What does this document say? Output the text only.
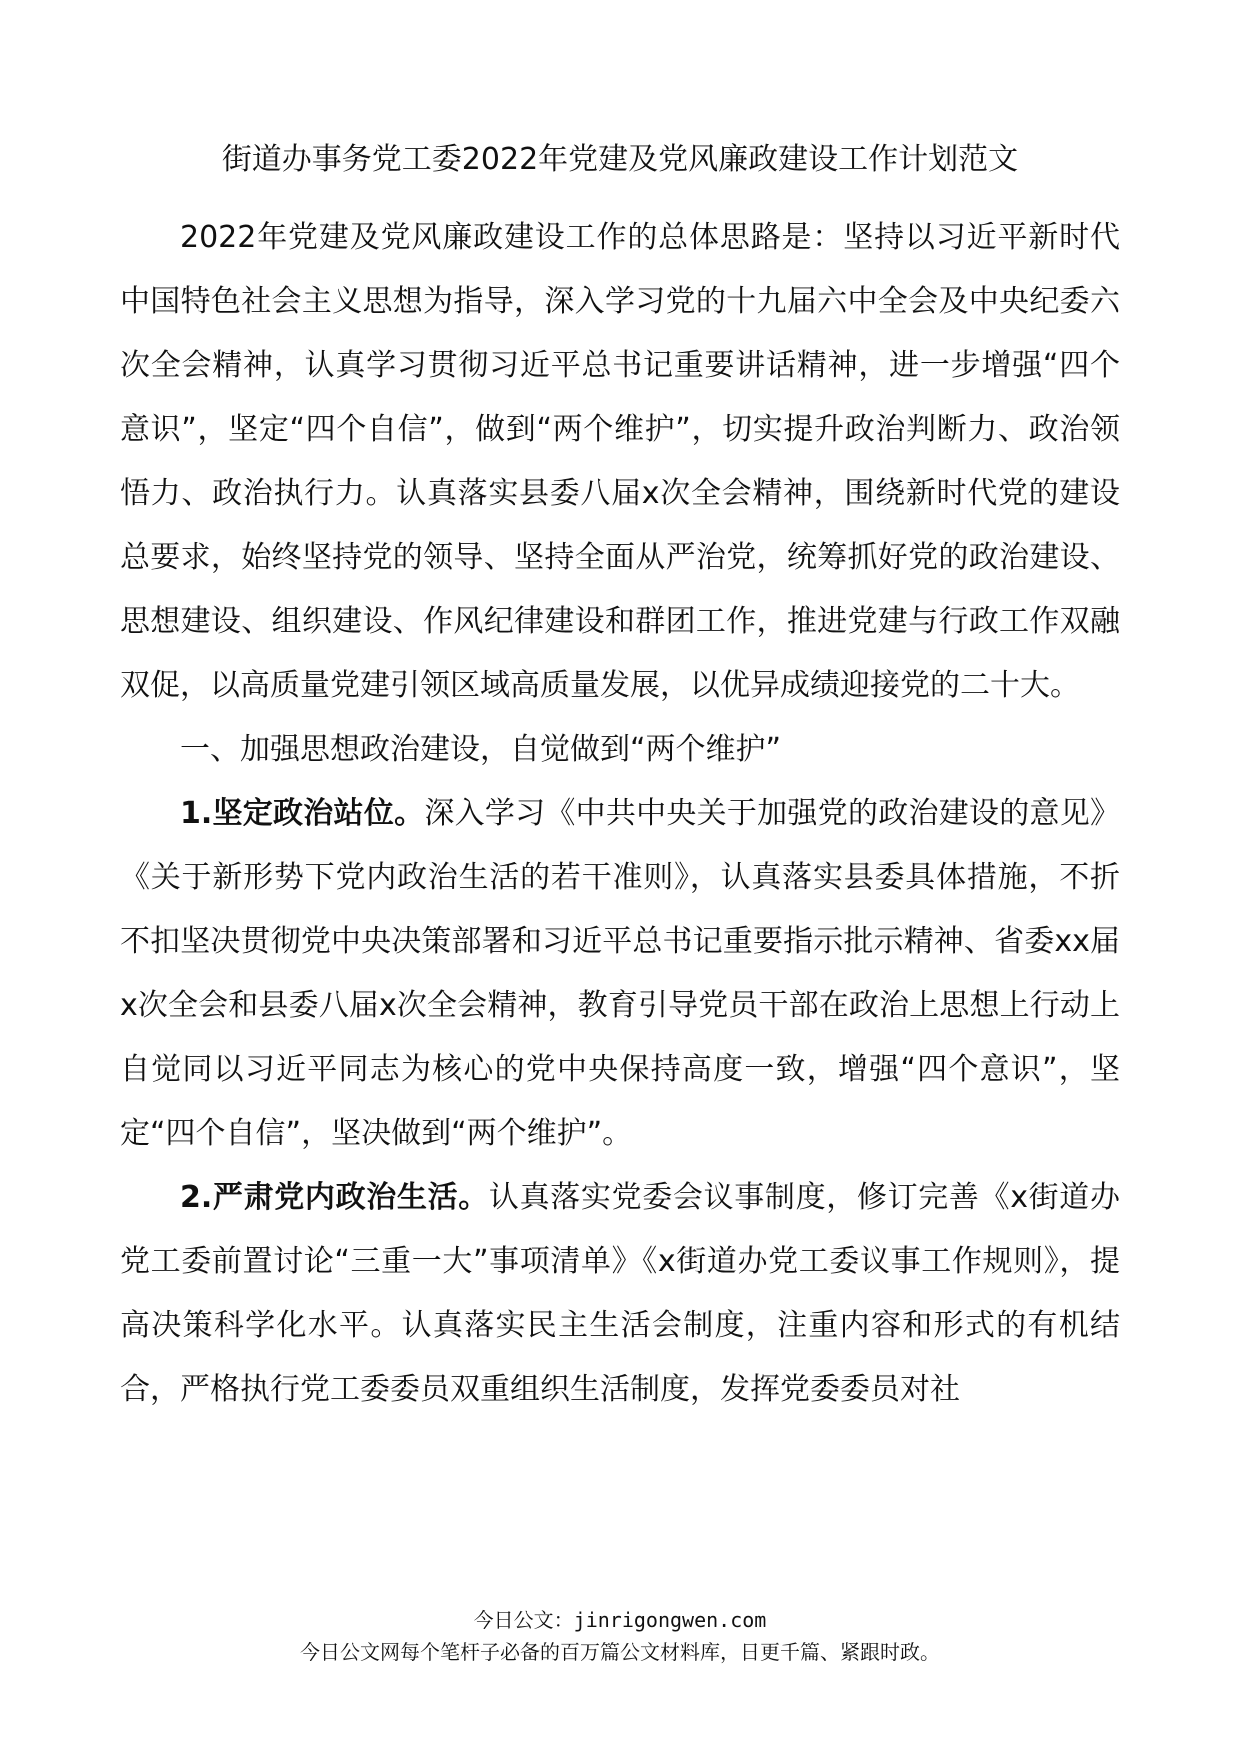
街道办事务党工委2022年党建及党风廉政建设工作计划范文

2022年党建及党风廉政建设工作的总体思路是：坚持以习近平新时代中国特色社会主义思想为指导，深入学习党的十九届六中全会及中央纪委六次全会精神，认真学习贯彻习近平总书记重要讲话精神，进一步增强“四个意识”，坚定“四个自信”，做到“两个维护”，切实提升政治判断力、政治领悟力、政治执行力。认真落实县委八届x次全会精神，围绕新时代党的建设总要求，始终坚持党的领导、坚持全面从严治党，统筹抓好党的政治建设、思想建设、组织建设、作风纪律建设和群团工作，推进党建与行政工作双融双促，以高质量党建引领区域高质量发展，以优异成绩迎接党的二十大。

一、加强思想政治建设，自觉做到“两个维护”

1.坚定政治站位。深入学习《中共中央关于加强党的政治建设的意见》《关于新形势下党内政治生活的若干准则》，认真落实县委具体措施，不折不扣坚决贯彻党中央决策部署和习近平总书记重要指示批示精神、省委xx届x次全会和县委八届x次全会精神，教育引导党员干部在政治上思想上行动上自觉同以习近平同志为核心的党中央保持高度一致，增强“四个意识”，坚定“四个自信”，坚决做到“两个维护”。

2.严肃党内政治生活。认真落实党委会议事制度，修订完善《x街道办党工委前置讨论“三重一大”事项清单》《x街道办党工委议事工作规则》，提高决策科学化水平。认真落实民主生活会制度，注重内容和形式的有机结合，严格执行党工委委员双重组织生活制度，发挥党委委员对社

今日公文：jinrigongwen.com
今日公文网每个笔杆子必备的百万篇公文材料库，日更千篇、紧跟时政。
